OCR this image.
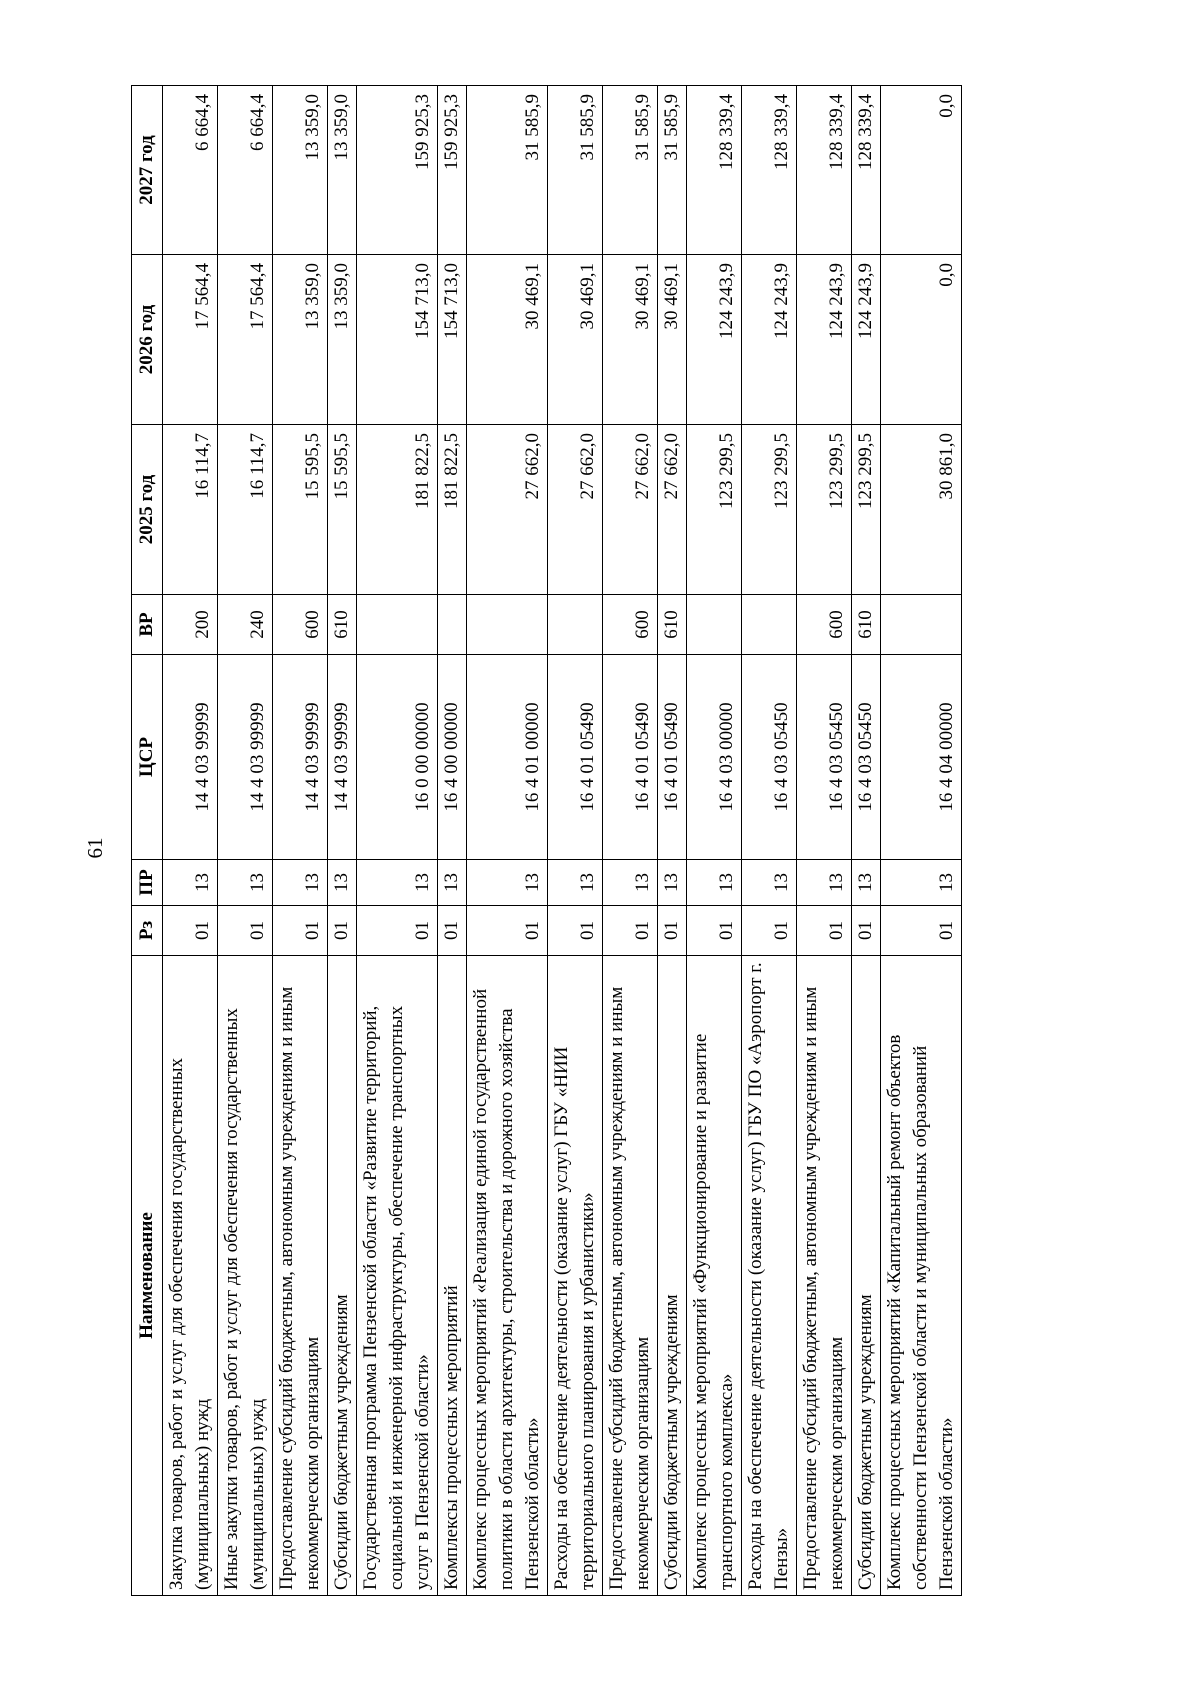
61
Наименование	Рз	ПР	ЦСР	ВР	2025 год	2026 год	2027 год
Закупка товаров, работ и услуг для обеспечения государственных (муниципальных) нужд	01	13	14 4 03 99999	200	16 114,7	17 564,4	6 664,4
Иные закупки товаров, работ и услуг для обеспечения государственных (муниципальных) нужд	01	13	14 4 03 99999	240	16 114,7	17 564,4	6 664,4
Предоставление субсидий бюджетным, автономным учреждениям и иным некоммерческим организациям	01	13	14 4 03 99999	600	15 595,5	13 359,0	13 359,0
Субсидии бюджетным учреждениям	01	13	14 4 03 99999	610	15 595,5	13 359,0	13 359,0
Государственная программа Пензенской области «Развитие территорий, социальной и инженерной инфраструктуры, обеспечение транспортных услуг в Пензенской области»	01	13	16 0 00 00000		181 822,5	154 713,0	159 925,3
Комплексы процессных мероприятий	01	13	16 4 00 00000		181 822,5	154 713,0	159 925,3
Комплекс процессных мероприятий «Реализация единой государственной политики в области архитектуры, строительства и дорожного хозяйства Пензенской области»	01	13	16 4 01 00000		27 662,0	30 469,1	31 585,9
Расходы на обеспечение деятельности (оказание услуг) ГБУ «НИИ территориального планирования и урбанистики»	01	13	16 4 01 05490		27 662,0	30 469,1	31 585,9
Предоставление субсидий бюджетным, автономным учреждениям и иным некоммерческим организациям	01	13	16 4 01 05490	600	27 662,0	30 469,1	31 585,9
Субсидии бюджетным учреждениям	01	13	16 4 01 05490	610	27 662,0	30 469,1	31 585,9
Комплекс процессных мероприятий «Функционирование и развитие транспортного комплекса»	01	13	16 4 03 00000		123 299,5	124 243,9	128 339,4
Расходы на обеспечение деятельности (оказание услуг) ГБУ ПО «Аэропорт г. Пензы»	01	13	16 4 03 05450		123 299,5	124 243,9	128 339,4
Предоставление субсидий бюджетным, автономным учреждениям и иным некоммерческим организациям	01	13	16 4 03 05450	600	123 299,5	124 243,9	128 339,4
Субсидии бюджетным учреждениям	01	13	16 4 03 05450	610	123 299,5	124 243,9	128 339,4
Комплекс процессных мероприятий «Капитальный ремонт объектов собственности Пензенской области и муниципальных образований Пензенской области»	01	13	16 4 04 00000		30 861,0	0,0	0,0
